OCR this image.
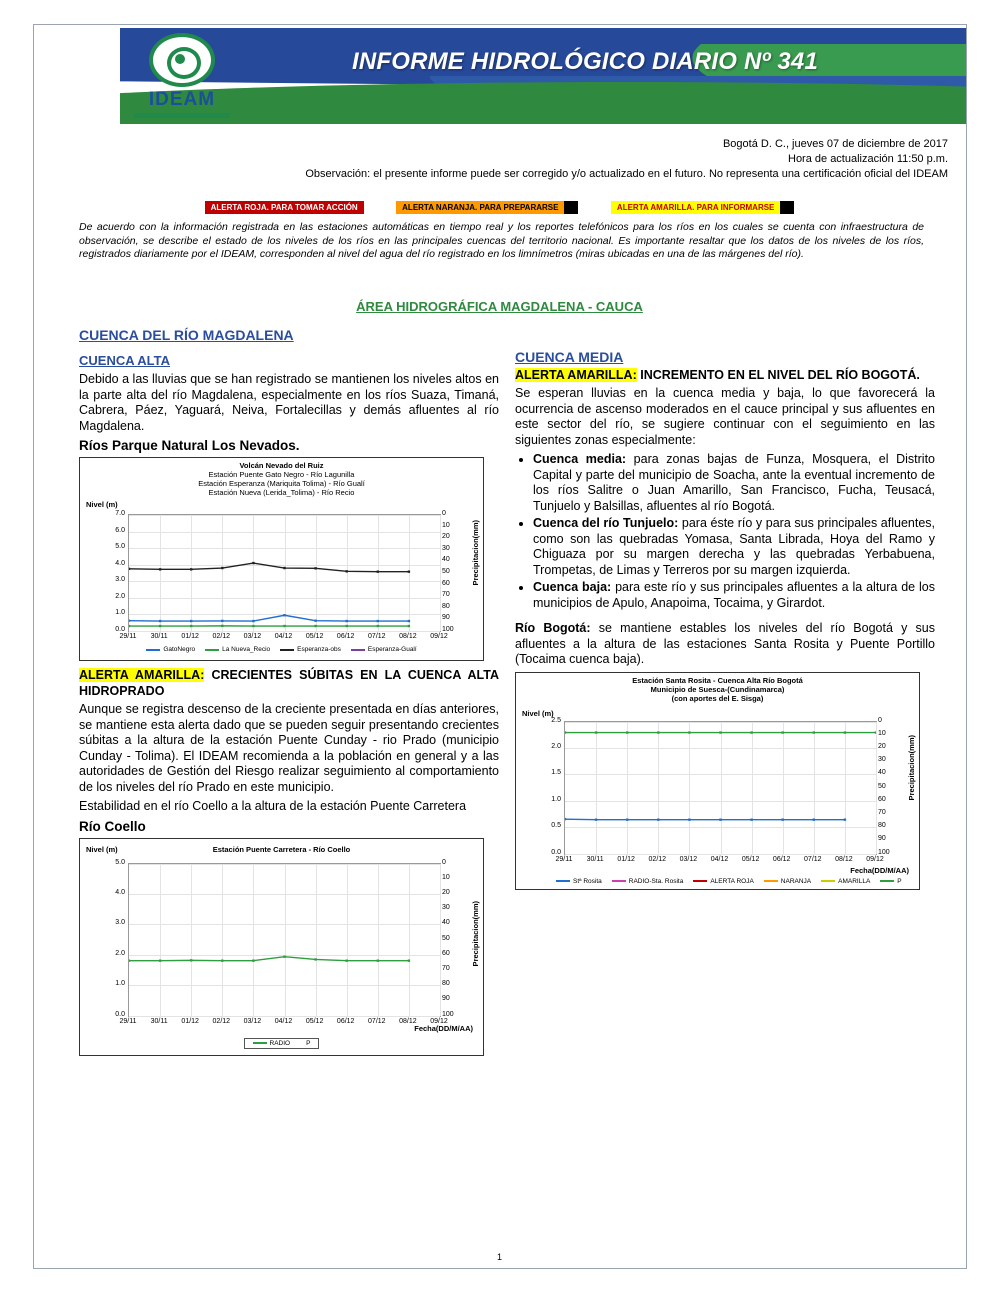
INFORME HIDROLÓGICO DIARIO Nº 341
IDEAM
Bogotá D. C., jueves 07 de diciembre de 2017
Hora de actualización 11:50 p.m.
Observación: el presente informe puede ser corregido y/o actualizado en el futuro. No representa una certificación oficial del IDEAM
ALERTA ROJA. PARA TOMAR ACCIÓN	ALERTA NARANJA. PARA PREPARARSE	ALERTA AMARILLA. PARA INFORMARSE
De acuerdo con la información registrada en las estaciones automáticas en tiempo real y los reportes telefónicos para los ríos en los cuales se cuenta con infraestructura de observación, se describe el estado de los niveles de los ríos en las principales cuencas del territorio nacional. Es importante resaltar que los datos de los niveles de los ríos, registrados diariamente por el IDEAM, corresponden al nivel del agua del río registrado en los limnímetros (miras ubicadas en una de las márgenes del río).
ÁREA HIDROGRÁFICA MAGDALENA - CAUCA
CUENCA DEL RÍO MAGDALENA
CUENCA ALTA

Debido a las lluvias que se han registrado se mantienen los niveles altos en la parte alta del río Magdalena, especialmente en los ríos Suaza, Timaná, Cabrera, Páez, Yaguará, Neiva, Fortalecillas y demás afluentes al río Magdalena.

Ríos Parque Natural Los Nevados.
Volcán Nevado del Ruiz
Estación Puente Gato Negro - Río Lagunilla
Estación Esperanza (Mariquita Tolima) - Río Gualí
Estación Nueva (Lerida_Tolima) - Río Recio
Nivel (m)
Precipitacion(mm)
GatoNegro	La Nueva_Recio	Esperanza-obs	Esperanza-Gualí
0.0
1.0
2.0
3.0
4.0
5.0
6.0
7.0	0
10
20
30
40
50
60
70
80
90
100
29/11	30/11	01/12	02/12	03/12	04/12	05/12	06/12	07/12	08/12	09/12

ALERTA AMARILLA: CRECIENTES SÚBITAS EN LA CUENCA ALTA HIDROPRADO

Aunque se registra descenso de la creciente presentada en días anteriores, se mantiene esta alerta dado que se pueden seguir presentando crecientes súbitas a la altura de la estación Puente Cunday - rio Prado (municipio Cunday - Tolima). El IDEAM recomienda a la población en general y a las autoridades de Gestión del Riesgo realizar seguimiento al comportamiento de los niveles del río Prado en este municipio.

Estabilidad en el río Coello a la altura de la estación Puente Carretera

Río Coello
Estación Puente Carretera - Río Coello
Nivel (m)
Precipitacion(mm)
Fecha(DD/M/AA)
RADIO P
0.0
1.0
2.0
3.0
4.0
5.0	0
10
20
30
40
50
60
70
80
90
100
29/11	30/11	01/12	02/12	03/12	04/12	05/12	06/12	07/12	08/12	09/12
CUENCA MEDIA

ALERTA AMARILLA: INCREMENTO EN EL NIVEL DEL RÍO BOGOTÁ.

Se esperan lluvias en la cuenca media y baja, lo que favorecerá la ocurrencia de ascenso moderados en el cauce principal y sus afluentes en este sector del río, se sugiere continuar con el seguimiento en las siguientes zonas especialmente:

• Cuenca media: para zonas bajas de Funza, Mosquera, el Distrito Capital y parte del municipio de Soacha, ante la eventual incremento de los ríos Salitre o Juan Amarillo, San Francisco, Fucha, Teusacá, Tunjuelo y Balsillas, afluentes al río Bogotá.
• Cuenca del río Tunjuelo: para éste río y para sus principales afluentes, como son las quebradas Yomasa, Santa Librada, Hoya del Ramo y Chiguaza por su margen derecha y las quebradas Yerbabuena, Trompetas, de Limas y Terreros por su margen izquierda.
• Cuenca baja: para este río y sus principales afluentes a la altura de los municipios de Apulo, Anapoima, Tocaima, y Girardot.

Río Bogotá: se mantiene estables los niveles del río Bogotá y sus afluentes a la altura de las estaciones Santa Rosita y Puente Portillo (Tocaima cuenca baja).

Estación Santa Rosita - Cuenca Alta Río Bogotá
Municipio de Suesca-(Cundinamarca)
(con aportes del E. Sisga)
Nivel (m)
Precipitacion(mm)
Fecha(DD/M/AA)
Stª Rosita	RADIO-Sta. Rosita	ALERTA ROJA	NARANJA	AMARILLA	P
0.0
0.5
1.0
1.5
2.0
2.5	0
10
20
30
40
50
60
70
80
90
100
29/11	30/11	01/12	02/12	03/12	04/12	05/12	06/12	07/12	08/12	09/12
1
